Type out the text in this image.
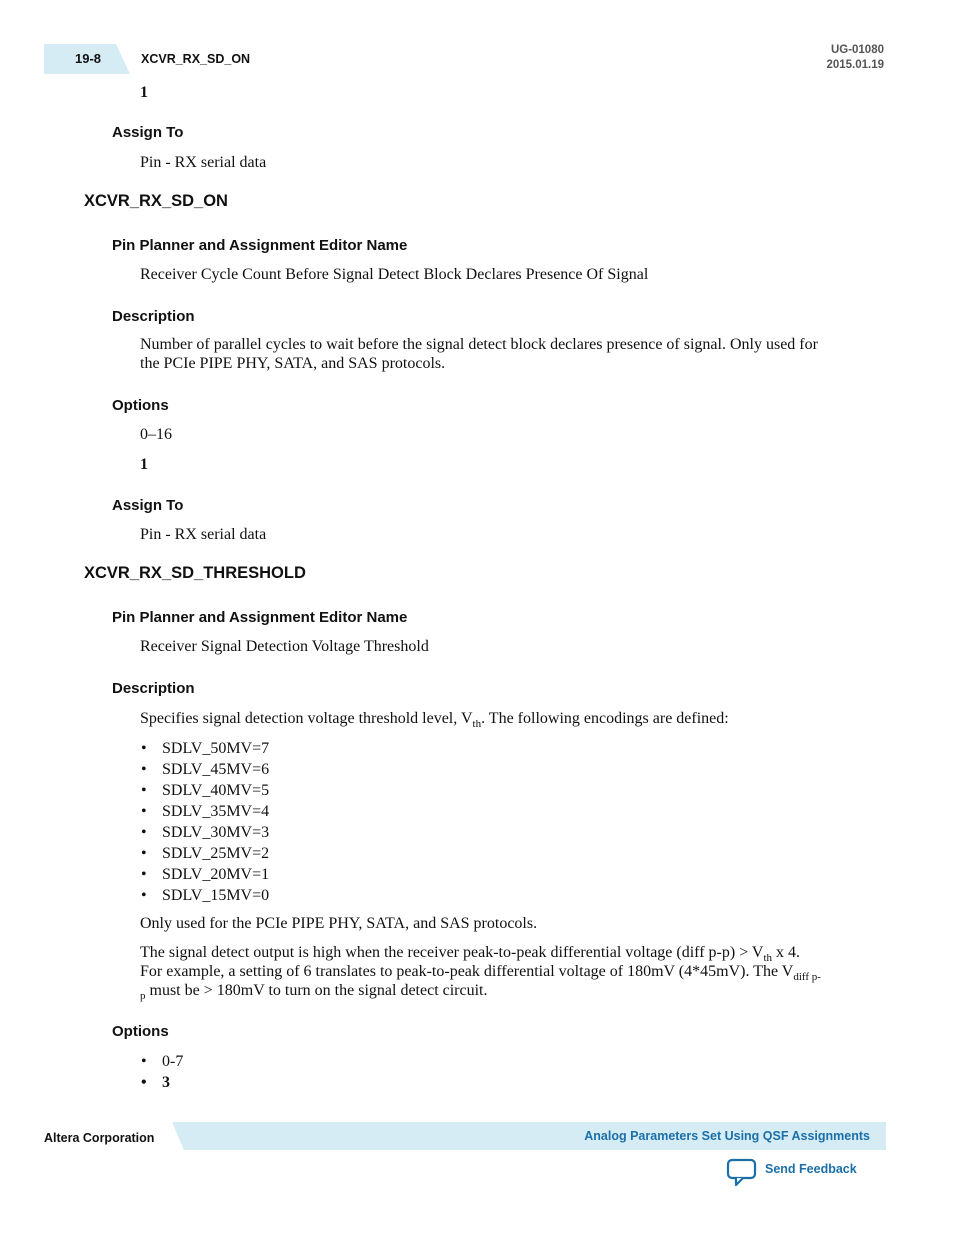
19-8	XCVR_RX_SD_ON
UG-01080
2015.01.19
1
Assign To
Pin - RX serial data
XCVR_RX_SD_ON
Pin Planner and Assignment Editor Name
Receiver Cycle Count Before Signal Detect Block Declares Presence Of Signal
Description
Number of parallel cycles to wait before the signal detect block declares presence of signal. Only used for
the PCIe PIPE PHY, SATA, and SAS protocols.
Options
0–16
1
Assign To
Pin - RX serial data
XCVR_RX_SD_THRESHOLD
Pin Planner and Assignment Editor Name
Receiver Signal Detection Voltage Threshold
Description
Specifies signal detection voltage threshold level, $V_{th}$. The following encodings are defined:
• SDLV_50MV=7
• SDLV_45MV=6
• SDLV_40MV=5
• SDLV_35MV=4
• SDLV_30MV=3
• SDLV_25MV=2
• SDLV_20MV=1
• SDLV_15MV=0
Only used for the PCIe PIPE PHY, SATA, and SAS protocols.
The signal detect output is high when the receiver peak-to-peak differential voltage (diff $p-p) > V_{th}$ x 4.
For example, a setting of 6 translates to peak-to-peak differential voltage of 180mV (4*45mV). The $V_{diff p-}$
$_p$ must be > 180mV to turn on the signal detect circuit.
Options
• 0-7
• 3
Altera Corporation	Analog Parameters Set Using QSF Assignments
Send Feedback
